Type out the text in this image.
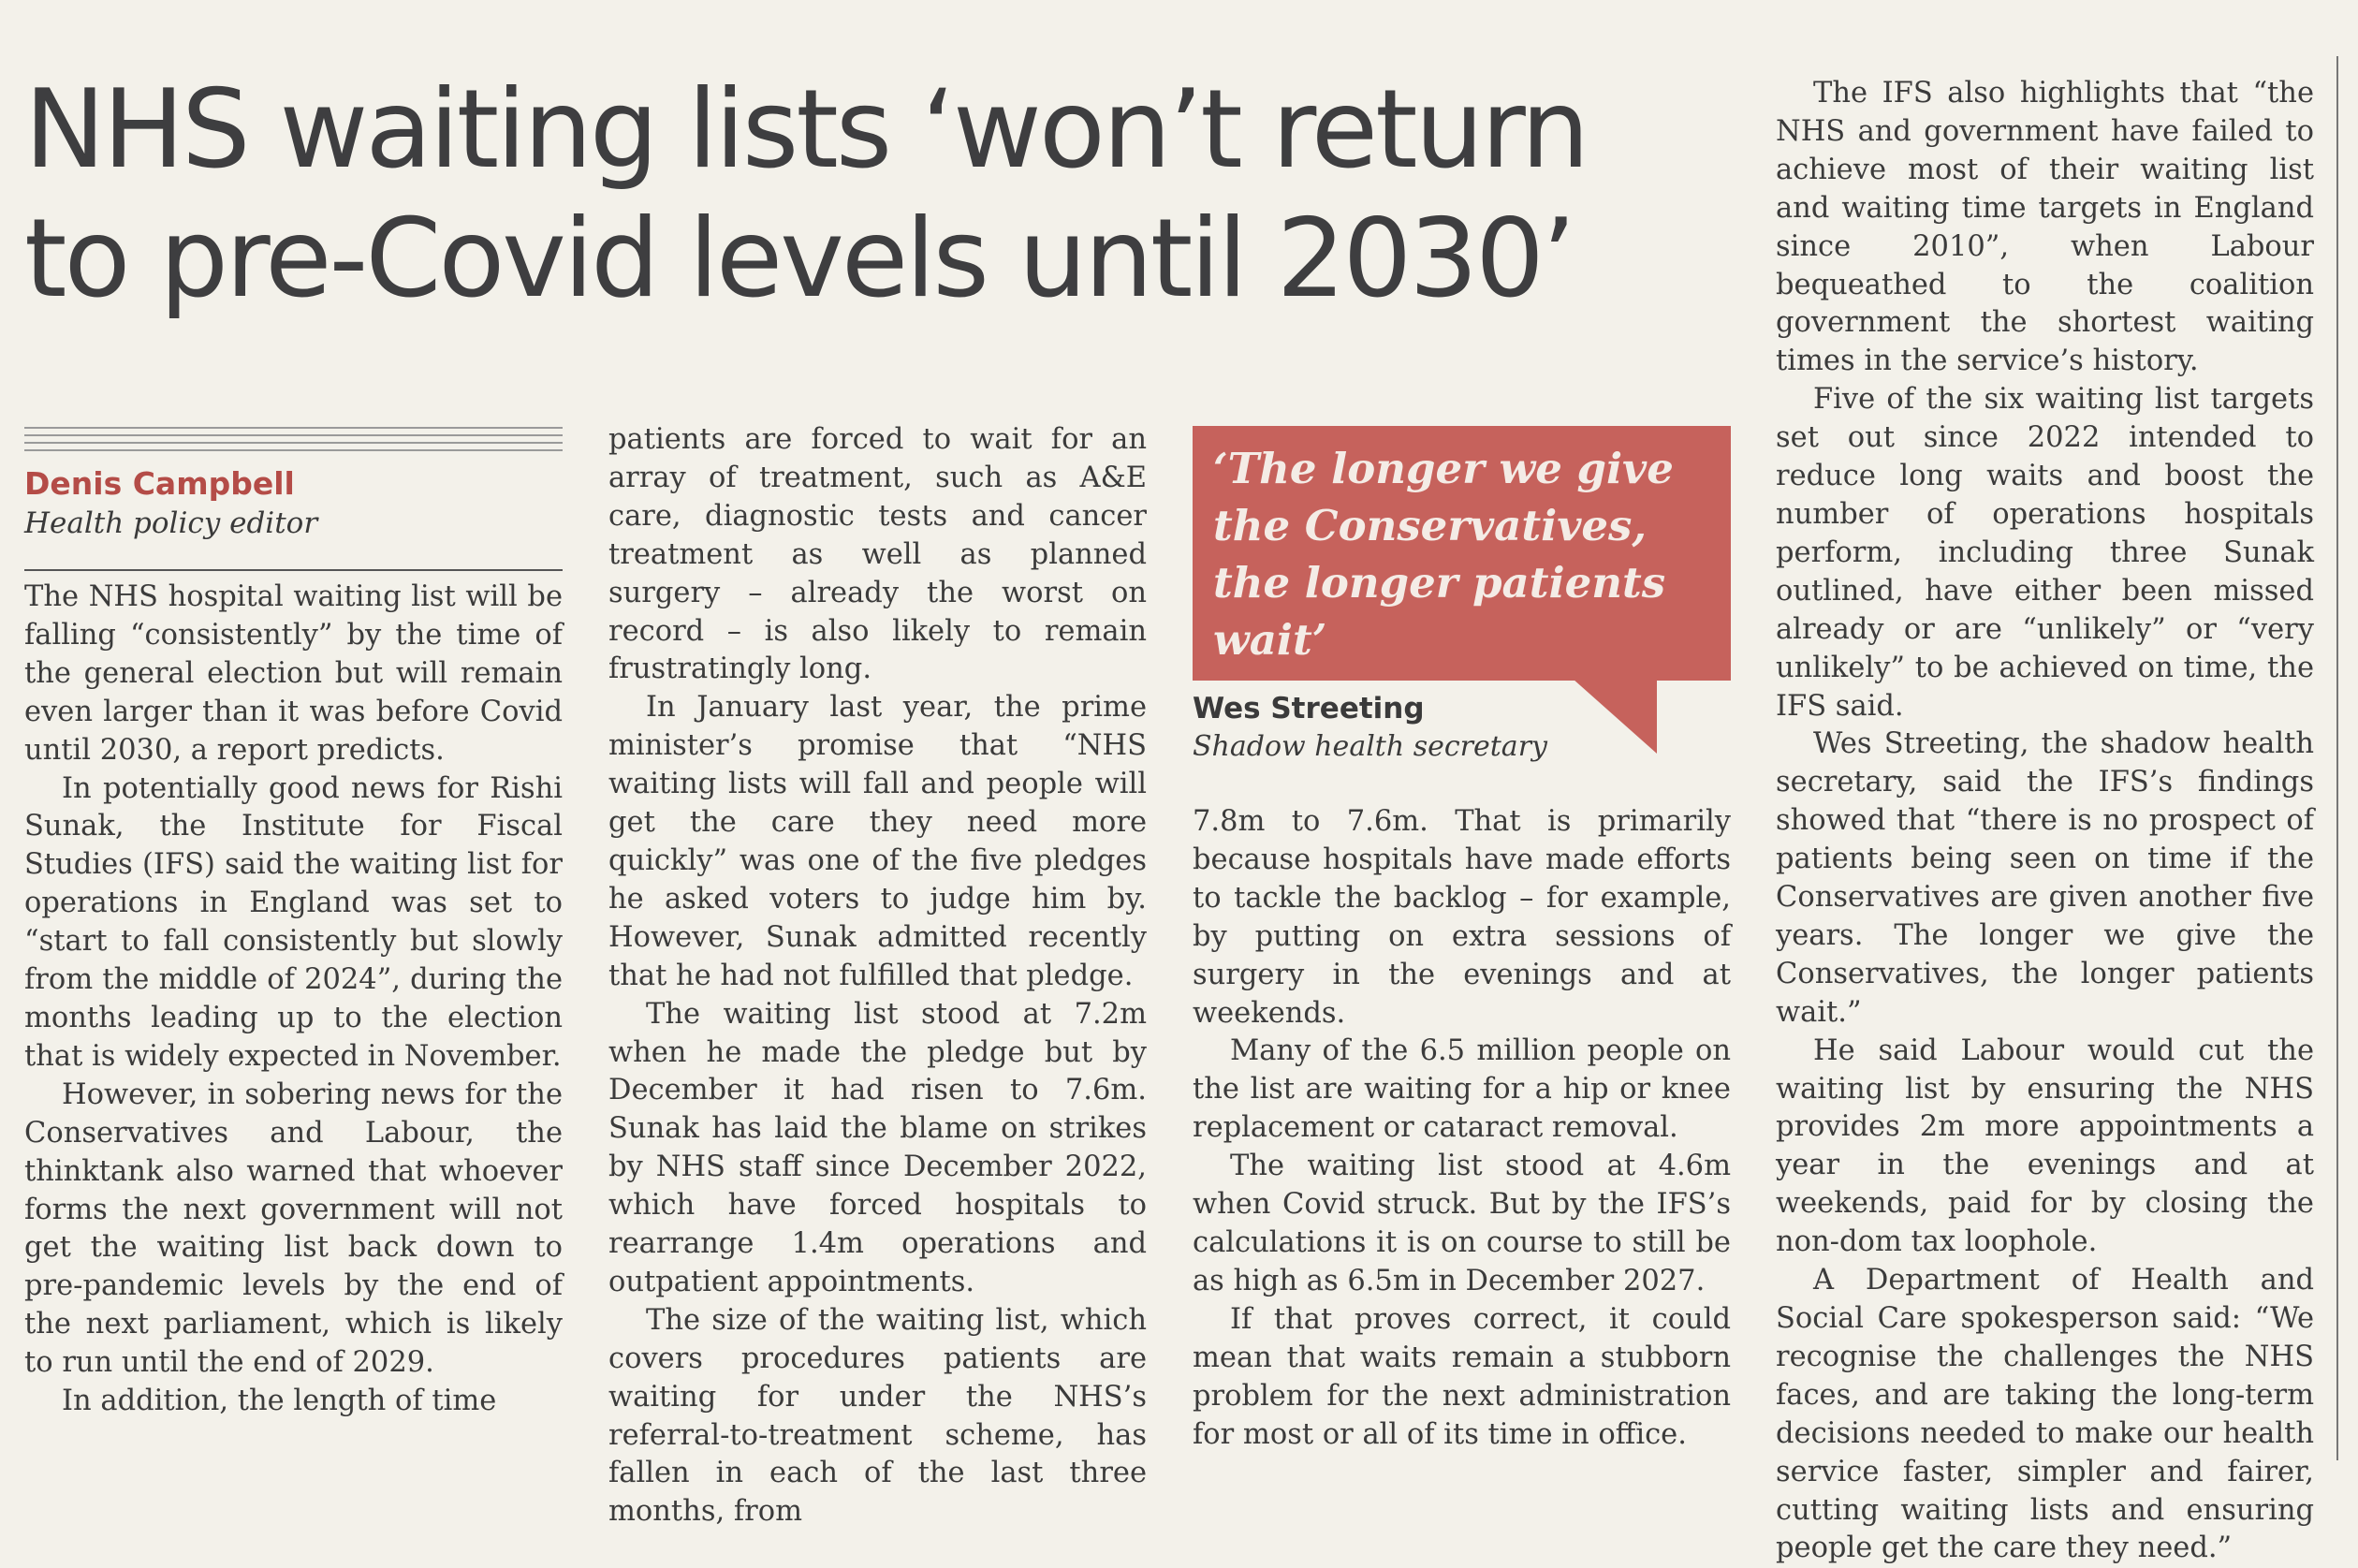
NHS waiting lists ‘won’t return
to pre-Covid levels until 2030’
Denis Campbell
Health policy editor

The NHS hospital waiting list will be falling “consistently” by the time of the general election but will remain even larger than it was before Covid until 2030, a report predicts.

In potentially good news for Rishi Sunak, the Institute for Fiscal Studies (IFS) said the waiting list for operations in England was set to “start to fall consistently but slowly from the middle of 2024”, during the months leading up to the election that is widely expected in November.

However, in sobering news for the Conservatives and Labour, the thinktank also warned that whoever forms the next government will not get the waiting list back down to pre-pandemic levels by the end of the next parliament, which is likely to run until the end of 2029.

In addition, the length of time

patients are forced to wait for an array of treatment, such as A&E care, diagnostic tests and cancer treatment as well as planned surgery – already the worst on record – is also likely to remain frustratingly long.

In January last year, the prime minister’s promise that “NHS waiting lists will fall and people will get the care they need more quickly” was one of the five pledges he asked voters to judge him by. However, Sunak admitted recently that he had not fulfilled that pledge.

The waiting list stood at 7.2m when he made the pledge but by December it had risen to 7.6m. Sunak has laid the blame on strikes by NHS staff since December 2022, which have forced hospitals to rearrange 1.4m operations and outpatient appointments.

The size of the waiting list, which covers procedures patients are waiting for under the NHS’s referral-to-treatment scheme, has fallen in each of the last three months, from

‘The longer we give the Conservatives, the longer patients wait’

Wes Streeting
Shadow health secretary

7.8m to 7.6m. That is primarily because hospitals have made efforts to tackle the backlog – for example, by putting on extra sessions of surgery in the evenings and at weekends.

Many of the 6.5 million people on the list are waiting for a hip or knee replacement or cataract removal.

The waiting list stood at 4.6m when Covid struck. But by the IFS’s calculations it is on course to still be as high as 6.5m in December 2027.

If that proves correct, it could mean that waits remain a stubborn problem for the next administration for most or all of its time in office.

The IFS also highlights that “the NHS and government have failed to achieve most of their waiting list and waiting time targets in England since 2010”, when Labour bequeathed to the coalition government the shortest waiting times in the service’s history.

Five of the six waiting list targets set out since 2022 intended to reduce long waits and boost the number of operations hospitals perform, including three Sunak outlined, have either been missed already or are “unlikely” or “very unlikely” to be achieved on time, the IFS said.

Wes Streeting, the shadow health secretary, said the IFS’s findings showed that “there is no prospect of patients being seen on time if the Conservatives are given another five years. The longer we give the Conservatives, the longer patients wait.”

He said Labour would cut the waiting list by ensuring the NHS provides 2m more appointments a year in the evenings and at weekends, paid for by closing the non-dom tax loophole.

A Department of Health and Social Care spokesperson said: “We recognise the challenges the NHS faces, and are taking the long-term decisions needed to make our health service faster, simpler and fairer, cutting waiting lists and ensuring people get the care they need.”
